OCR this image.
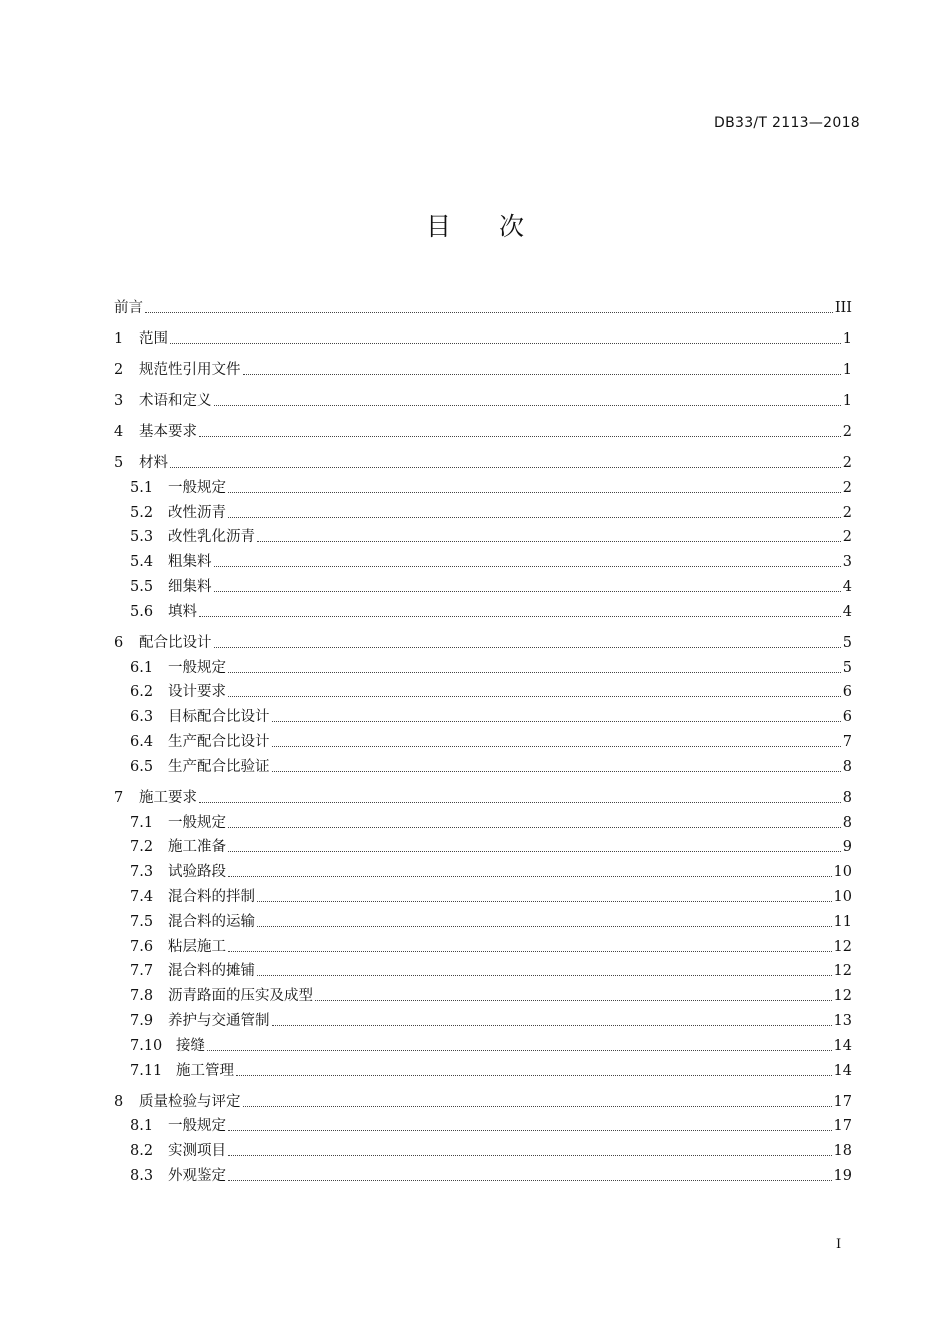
DB33/T 2113—2018
目 次
前言	III
1	范围	1
2	规范性引用文件	1
3	术语和定义	1
4	基本要求	2
5	材料	2
5.1	一般规定	2
5.2	改性沥青	2
5.3	改性乳化沥青	2
5.4	粗集料	3
5.5	细集料	4
5.6	填料	4
6	配合比设计	5
6.1	一般规定	5
6.2	设计要求	6
6.3	目标配合比设计	6
6.4	生产配合比设计	7
6.5	生产配合比验证	8
7	施工要求	8
7.1	一般规定	8
7.2	施工准备	9
7.3	试验路段	10
7.4	混合料的拌制	10
7.5	混合料的运输	11
7.6	粘层施工	12
7.7	混合料的摊铺	12
7.8	沥青路面的压实及成型	12
7.9	养护与交通管制	13
7.10 接缝	14
7.11 施工管理	14
8	质量检验与评定	17
8.1	一般规定	17
8.2	实测项目	18
8.3	外观鉴定	19
I
